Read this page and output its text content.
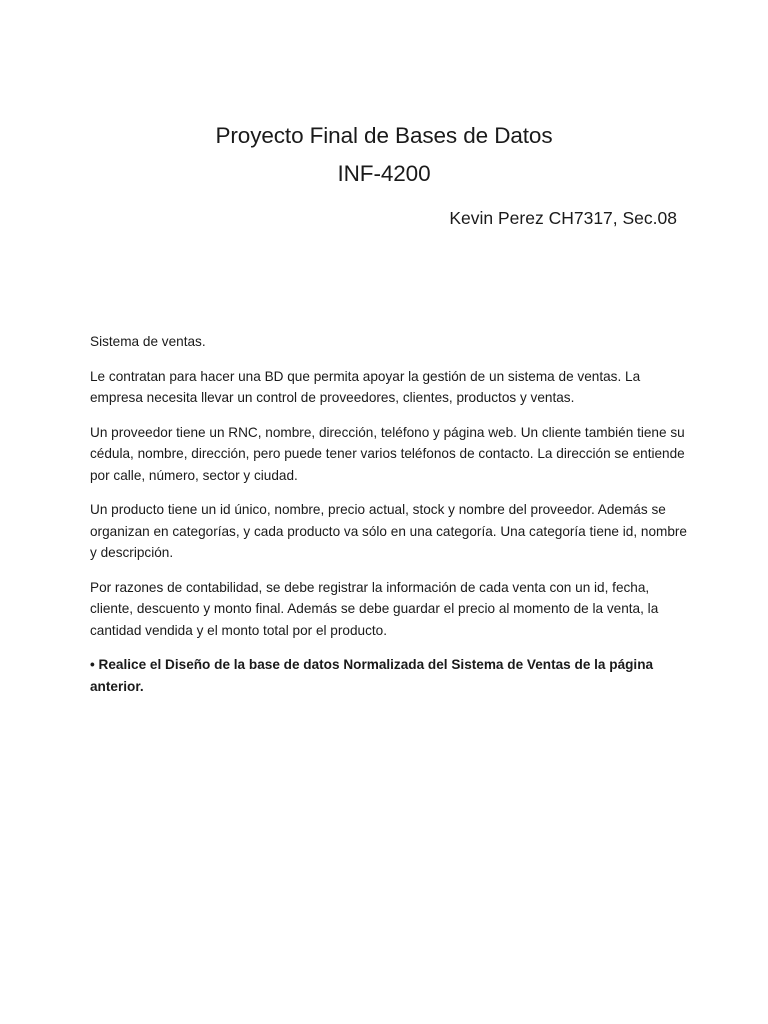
Proyecto Final de Bases de Datos
INF-4200
Kevin Perez CH7317, Sec.08

Sistema de ventas.

Le contratan para hacer una BD que permita apoyar la gestión de un sistema de ventas. La empresa necesita llevar un control de proveedores, clientes, productos y ventas.

Un proveedor tiene un RNC, nombre, dirección, teléfono y página web. Un cliente también tiene su cédula, nombre, dirección, pero puede tener varios teléfonos de contacto. La dirección se entiende por calle, número, sector y ciudad.

Un producto tiene un id único, nombre, precio actual, stock y nombre del proveedor. Además se organizan en categorías, y cada producto va sólo en una categoría. Una categoría tiene id, nombre y descripción.

Por razones de contabilidad, se debe registrar la información de cada venta con un id, fecha, cliente, descuento y monto final. Además se debe guardar el precio al momento de la venta, la cantidad vendida y el monto total por el producto.

• Realice el Diseño de la base de datos Normalizada del Sistema de Ventas de la página anterior.
